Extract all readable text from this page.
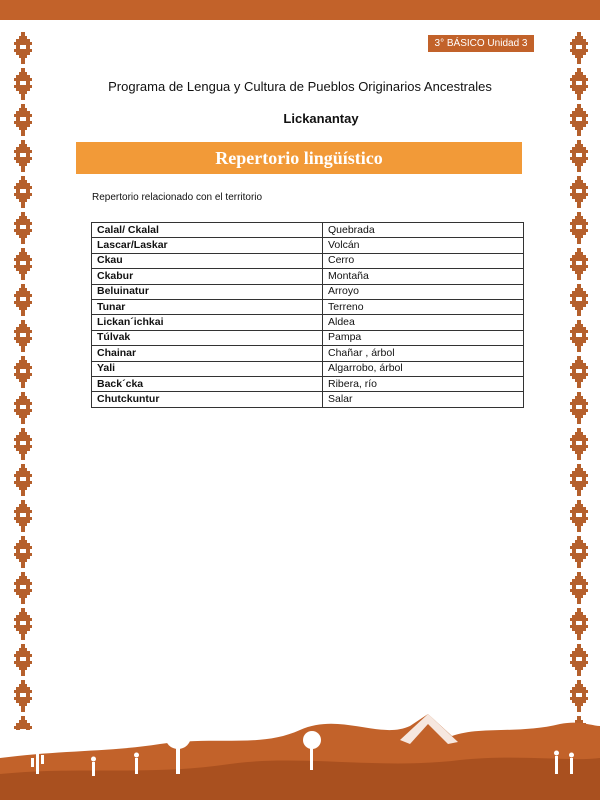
3° BÁSICO Unidad 3
Programa de Lengua y Cultura de Pueblos Originarios Ancestrales
Lickanantay
Repertorio lingüístico
Repertorio relacionado con el territorio
Calal/ Ckalal	Quebrada
Lascar/Laskar	Volcán
Ckau	Cerro
Ckabur	Montaña
Beluinatur	Arroyo
Tunar	Terreno
Lickan´ichkai	Aldea
Túlvak	Pampa
Chainar	Chañar , árbol
Yali	Algarrobo, árbol
Back´cka	Ribera, río
Chutckuntur	Salar
